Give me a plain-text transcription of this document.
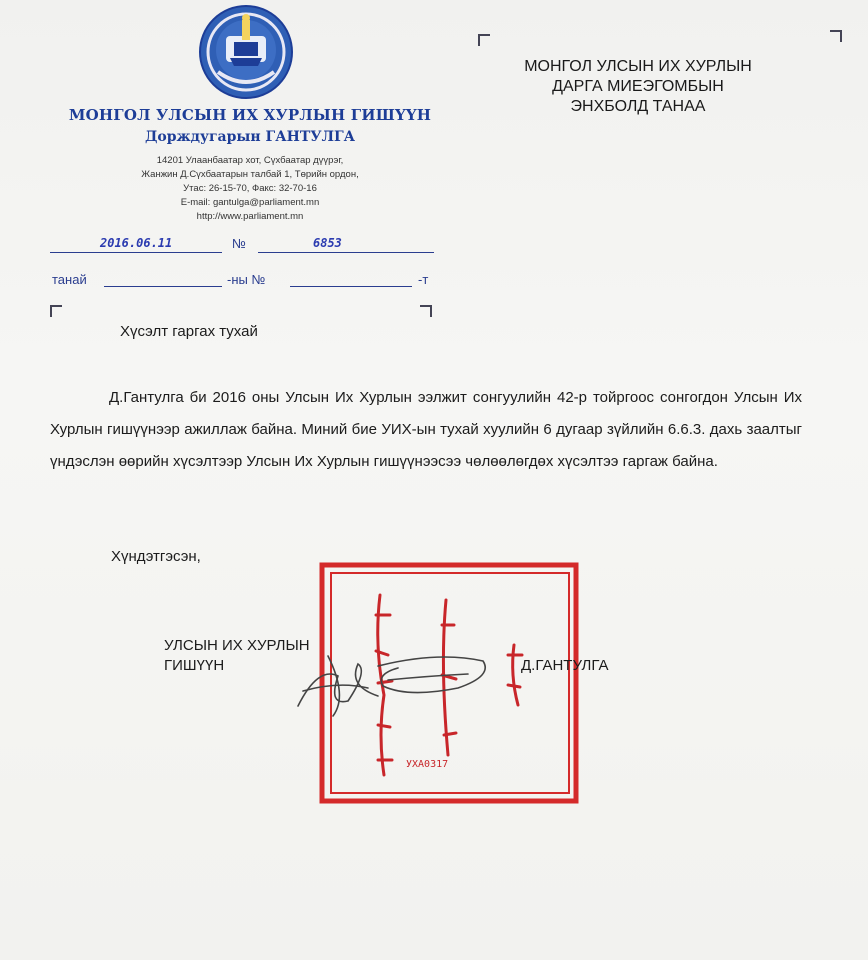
МОНГОЛ УЛСЫН ИХ ХУРЛЫН ГИШҮҮН
Дорждугарын ГАНТУЛГА
14201 Улаанбаатар хот, Сүхбаатар дүүрэг,
Жанжин Д.Сүхбаатарын талбай 1, Төрийн ордон,
Утас: 26-15-70, Факс: 32-70-16
E-mail: gantulga@parliament.mn
http://www.parliament.mn
2016.06.11	№	6853
танай	-ны №	-т
МОНГОЛ УЛСЫН ИХ ХУРЛЫН
ДАРГА МИЕЭГОМБЫН
ЭНХБОЛД ТАНАА
Хүсэлт гаргах тухай
Д.Гантулга би 2016 оны Улсын Их Хурлын ээлжит сонгуулийн 42-р тойргоос сонгогдон Улсын Их Хурлын гишүүнээр ажиллаж байна. Миний бие УИХ-ын тухай хуулийн 6 дугаар зүйлийн 6.6.3. дахь заалтыг үндэслэн өөрийн хүсэлтээр Улсын Их Хурлын гишүүнээсээ чөлөөлөгдөх хүсэлтээ гаргаж байна.
Хүндэтгэсэн,
УХА0317
УЛСЫН ИХ ХУРЛЫН
ГИШҮҮН	Д.ГАНТУЛГА
